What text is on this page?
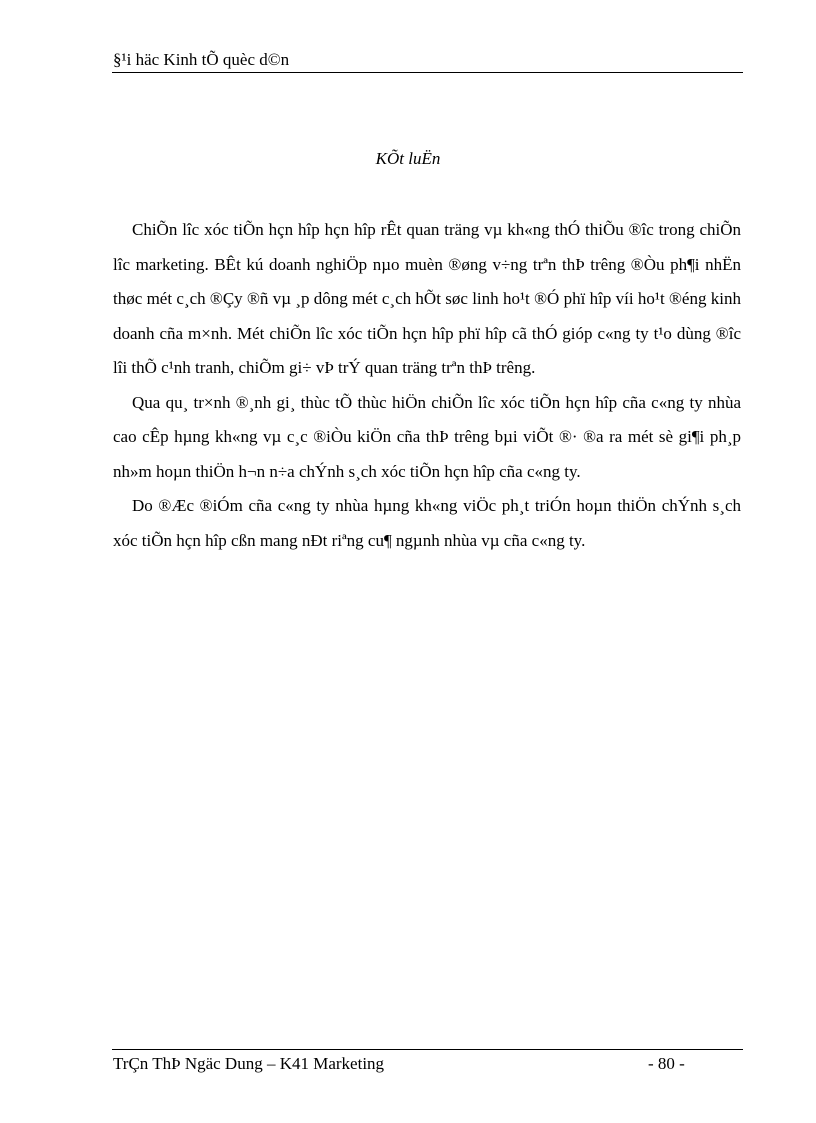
§¹i häc Kinh tÕ quèc d©n
KÕt luËn

ChiÕn lîc xóc tiÕn hçn hîp hçn hîp rÊt quan träng vµ kh«ng thÓ thiÕu ®îc trong chiÕn lîc marketing. BÊt kú doanh nghiÖp nµo muèn ®øng v÷ng trªn thÞ trêng ®Òu ph¶i nhËn thøc mét c¸ch ®Çy ®ñ vµ ¸p dông mét c¸ch hÕt søc linh ho¹t ®Ó phï hîp víi ho¹t ®éng kinh doanh cña m×nh. Mét chiÕn lîc xóc tiÕn hçn hîp phï hîp cã thÓ gióp c«ng ty t¹o dùng ®îc lîi thÕ c¹nh tranh, chiÕm gi÷ vÞ trÝ quan träng trªn thÞ trêng.

Qua qu¸ tr×nh ®¸nh gi¸ thùc tÕ thùc hiÖn chiÕn lîc xóc tiÕn hçn hîp cña c«ng ty nhùa cao cÊp hµng kh«ng vµ c¸c ®iÒu kiÖn cña thÞ trêng bµi viÕt ®· ®a ra mét sè gi¶i ph¸p nh»m hoµn thiÖn h¬n n÷a chÝnh s¸ch xóc tiÕn hçn hîp cña c«ng ty.

Do ®Æc ®iÓm cña c«ng ty nhùa hµng kh«ng viÖc ph¸t triÓn hoµn thiÖn chÝnh s¸ch xóc tiÕn hçn hîp cßn mang nÐt riªng cu¶ ngµnh nhùa vµ cña c«ng ty.

TrÇn ThÞ Ngäc Dung – K41 Marketing	- 80 -
